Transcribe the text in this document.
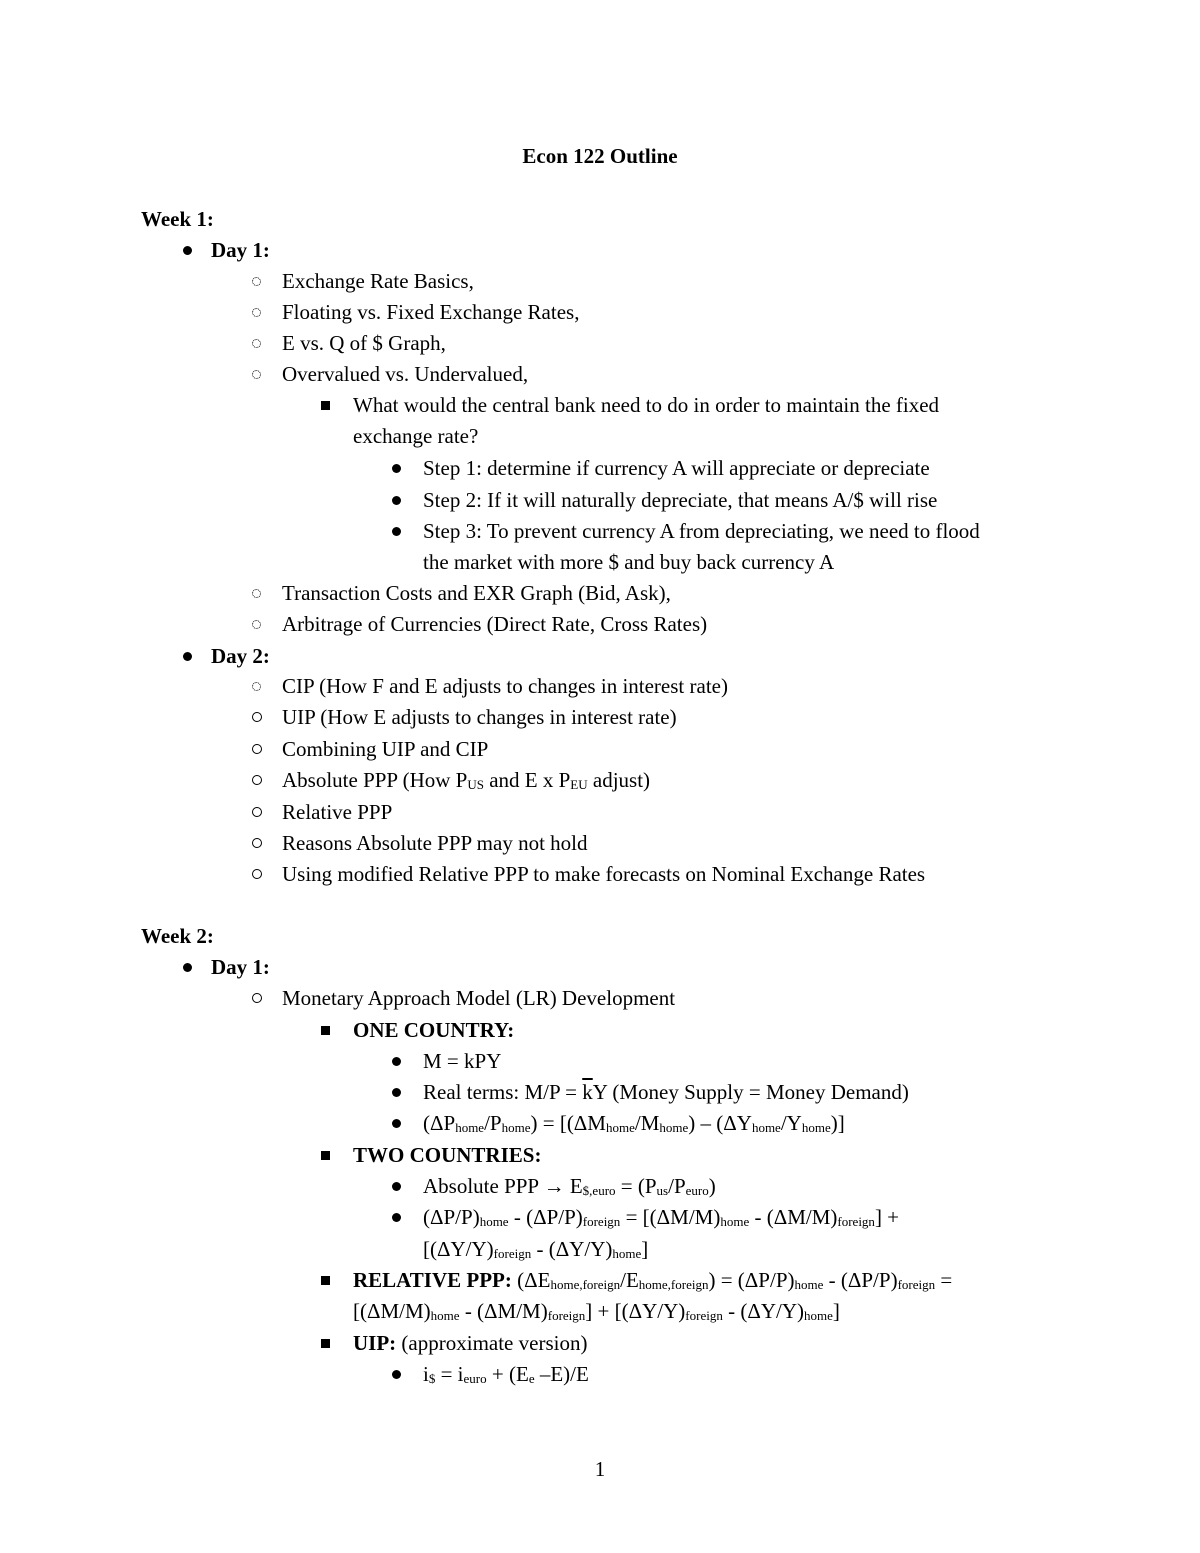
Econ 122 Outline
Week 1:
Day 1:
Exchange Rate Basics,
Floating vs. Fixed Exchange Rates,
E vs. Q of $ Graph,
Overvalued vs. Undervalued,
What would the central bank need to do in order to maintain the fixed
exchange rate?
Step 1: determine if currency A will appreciate or depreciate
Step 2: If it will naturally depreciate, that means A/$ will rise
Step 3: To prevent currency A from depreciating, we need to flood
the market with more $ and buy back currency A
Transaction Costs and EXR Graph (Bid, Ask),
Arbitrage of Currencies (Direct Rate, Cross Rates)
Day 2:
CIP (How F and E adjusts to changes in interest rate)
UIP (How E adjusts to changes in interest rate)
Combining UIP and CIP
Absolute PPP (How $P_{US}$ and E x $P_{EU}$ adjust)
Relative PPP
Reasons Absolute PPP may not hold
Using modified Relative PPP to make forecasts on Nominal Exchange Rates
Week 2:
Day 1:
Monetary Approach Model (LR) Development
ONE COUNTRY:
M = kPY
Real terms: $M/P = \overline{k}Y$ (Money Supply = Money Demand)
$(\Delta P_{home}/P_{home}) = [(\Delta M_{home}/M_{home}) - (\Delta Y_{home}/Y_{home})]$
TWO COUNTRIES:
Absolute PPP → $E_{\$,euro} = (P_{us}/P_{euro})$
$(\Delta P/P)_{home} - (\Delta P/P)_{foreign} = [(\Delta M/M)_{home} - (\Delta M/M)_{foreign}]$ +
$[(\Delta Y/Y)_{foreign} - (\Delta Y/Y)_{home}]$
RELATIVE PPP: $(\Delta E_{home,foreign}/E_{home,foreign}) = (\Delta P/P)_{home} - (\Delta P/P)_{foreign}$ =
$[(\Delta M/M)_{home} - (\Delta M/M)_{foreign}] + [(\Delta Y/Y)_{foreign} - (\Delta Y/Y)_{home}]$
UIP: (approximate version)
$i_{\$} = i_{euro} + (E_e$ –E)/E
1
